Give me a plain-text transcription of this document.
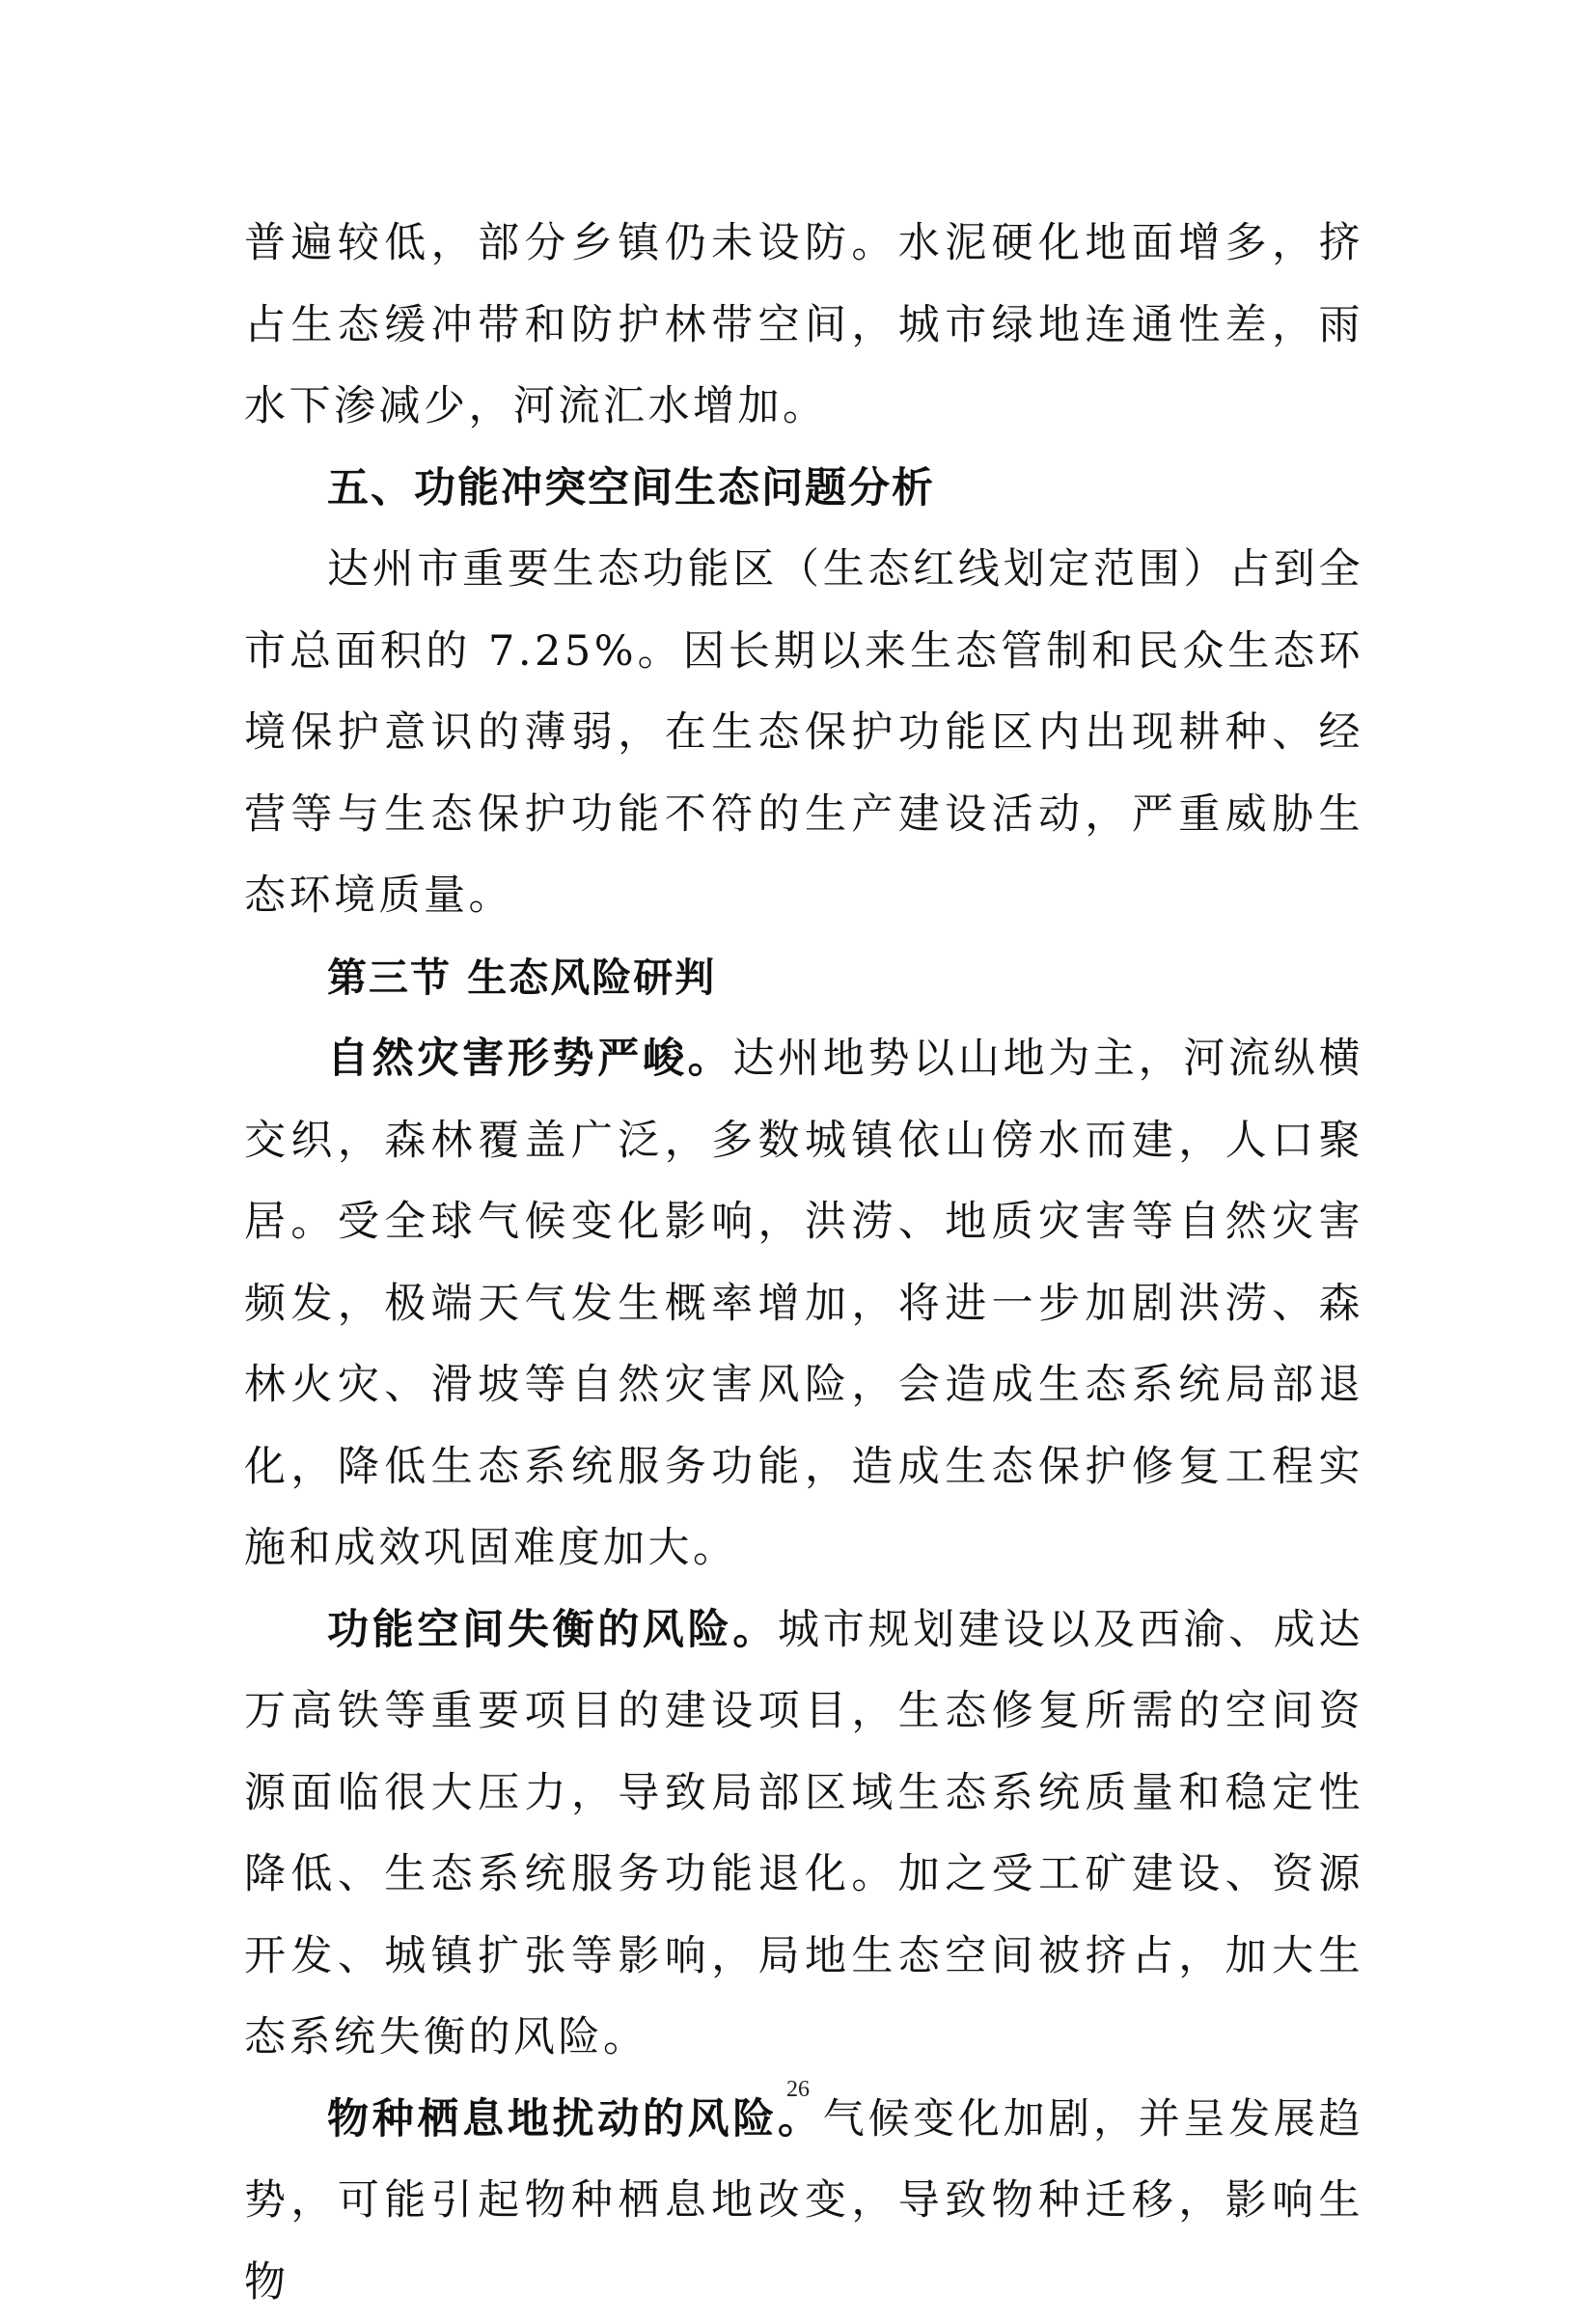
普遍较低，部分乡镇仍未设防。水泥硬化地面增多，挤占生态缓冲带和防护林带空间，城市绿地连通性差，雨水下渗减少，河流汇水增加。

五、功能冲突空间生态问题分析

达州市重要生态功能区（生态红线划定范围）占到全市总面积的 7.25%。因长期以来生态管制和民众生态环境保护意识的薄弱，在生态保护功能区内出现耕种、经营等与生态保护功能不符的生产建设活动，严重威胁生态环境质量。

第三节 生态风险研判

自然灾害形势严峻。达州地势以山地为主，河流纵横交织，森林覆盖广泛，多数城镇依山傍水而建，人口聚居。受全球气候变化影响，洪涝、地质灾害等自然灾害频发，极端天气发生概率增加，将进一步加剧洪涝、森林火灾、滑坡等自然灾害风险，会造成生态系统局部退化，降低生态系统服务功能，造成生态保护修复工程实施和成效巩固难度加大。

功能空间失衡的风险。城市规划建设以及西渝、成达万高铁等重要项目的建设项目，生态修复所需的空间资源面临很大压力，导致局部区域生态系统质量和稳定性降低、生态系统服务功能退化。加之受工矿建设、资源开发、城镇扩张等影响，局地生态空间被挤占，加大生态系统失衡的风险。

物种栖息地扰动的风险。气候变化加剧，并呈发展趋势，可能引起物种栖息地改变，导致物种迁移，影响生物

26
